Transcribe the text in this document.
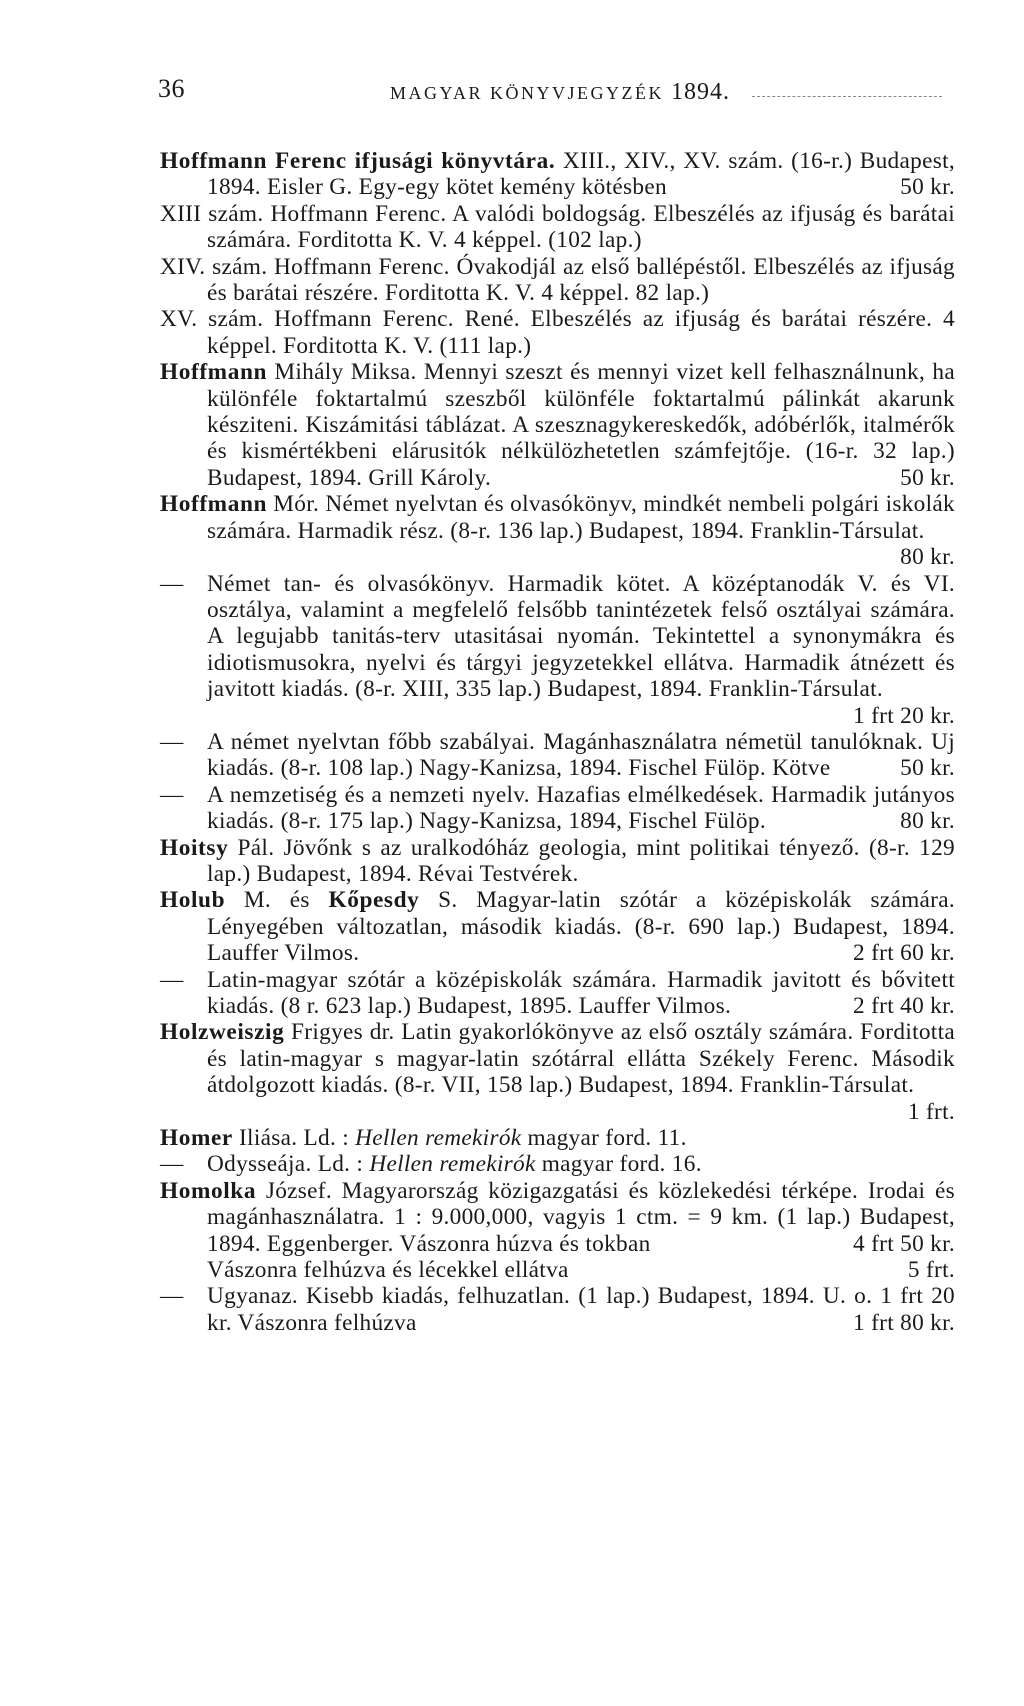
36	MAGYAR KÖNYVJEGYZÉK 1894.

Hoffmann Ferenc ifjusági könyvtára. XIII., XIV., XV. szám. (16-r.) Budapest, 1894. Eisler G. Egy-egy kötet kemény kötésben	50 kr.

XIII szám. Hoffmann Ferenc. A valódi boldogság. Elbeszélés az ifjuság és barátai számára. Forditotta K. V. 4 képpel. (102 lap.)

XIV. szám. Hoffmann Ferenc. Óvakodjál az első ballépéstől. Elbeszélés az ifjuság és barátai részére. Forditotta K. V. 4 képpel. 82 lap.)

XV. szám. Hoffmann Ferenc. René. Elbeszélés az ifjuság és barátai részére. 4 képpel. Forditotta K. V. (111 lap.)

Hoffmann Mihály Miksa. Mennyi szeszt és mennyi vizet kell felhasználnunk, ha különféle foktartalmú szeszből különféle foktartalmú pálinkát akarunk késziteni. Kiszámitási táblázat. A szesznagykereskedők, adóbérlők, italmérők és kismértékbeni elárusitók nélkülözhetetlen számfejtője. (16-r. 32 lap.) Budapest, 1894. Grill Károly.	50 kr.

Hoffmann Mór. Német nyelvtan és olvasókönyv, mindkét nembeli polgári iskolák számára. Harmadik rész. (8-r. 136 lap.) Budapest, 1894. Franklin-Társulat.
80 kr.

— Német tan- és olvasókönyv. Harmadik kötet. A középtanodák V. és VI. osztálya, valamint a megfelelő felsőbb tanintézetek felső osztályai számára. A legujabb tanitás-terv utasitásai nyomán. Tekintettel a synonymákra és idiotismusokra, nyelvi és tárgyi jegyzetekkel ellátva. Harmadik átnézett és javitott kiadás. (8-r. XIII, 335 lap.) Budapest, 1894. Franklin-Társulat.
1 frt 20 kr.

— A német nyelvtan főbb szabályai. Magánhasználatra németül tanulóknak. Uj kiadás. (8-r. 108 lap.) Nagy-Kanizsa, 1894. Fischel Fülöp. Kötve	50 kr.

— A nemzetiség és a nemzeti nyelv. Hazafias elmélkedések. Harmadik jutányos kiadás. (8-r. 175 lap.) Nagy-Kanizsa, 1894, Fischel Fülöp.	80 kr.

Hoitsy Pál. Jövőnk s az uralkodóház geologia, mint politikai tényező. (8-r. 129 lap.) Budapest, 1894. Révai Testvérek.

Holub M. és Kőpesdy S. Magyar-latin szótár a középiskolák számára. Lényegében változatlan, második kiadás. (8-r. 690 lap.) Budapest, 1894. Lauffer Vilmos.	2 frt 60 kr.

— Latin-magyar szótár a középiskolák számára. Harmadik javitott és bővitett kiadás. (8 r. 623 lap.) Budapest, 1895. Lauffer Vilmos.	2 frt 40 kr.

Holzweiszig Frigyes dr. Latin gyakorlókönyve az első osztály számára. Forditotta és latin-magyar s magyar-latin szótárral ellátta Székely Ferenc. Második átdolgozott kiadás. (8-r. VII, 158 lap.) Budapest, 1894. Franklin-Társulat.
1 frt.

Homer Iliása. Ld. : Hellen remekirók magyar ford. 11.

— Odysseája. Ld. : Hellen remekirók magyar ford. 16.

Homolka József. Magyarország közigazgatási és közlekedési térképe. Irodai és magánhasználatra. 1 : 9.000,000, vagyis 1 ctm. = 9 km. (1 lap.) Budapest, 1894. Eggenberger. Vászonra húzva és tokban	4 frt 50 kr.

Vászonra felhúzva és lécekkel ellátva	5 frt.

— Ugyanaz. Kisebb kiadás, felhuzatlan. (1 lap.) Budapest, 1894. U. o. 1 frt 20 kr. Vászonra felhúzva	1 frt 80 kr.
